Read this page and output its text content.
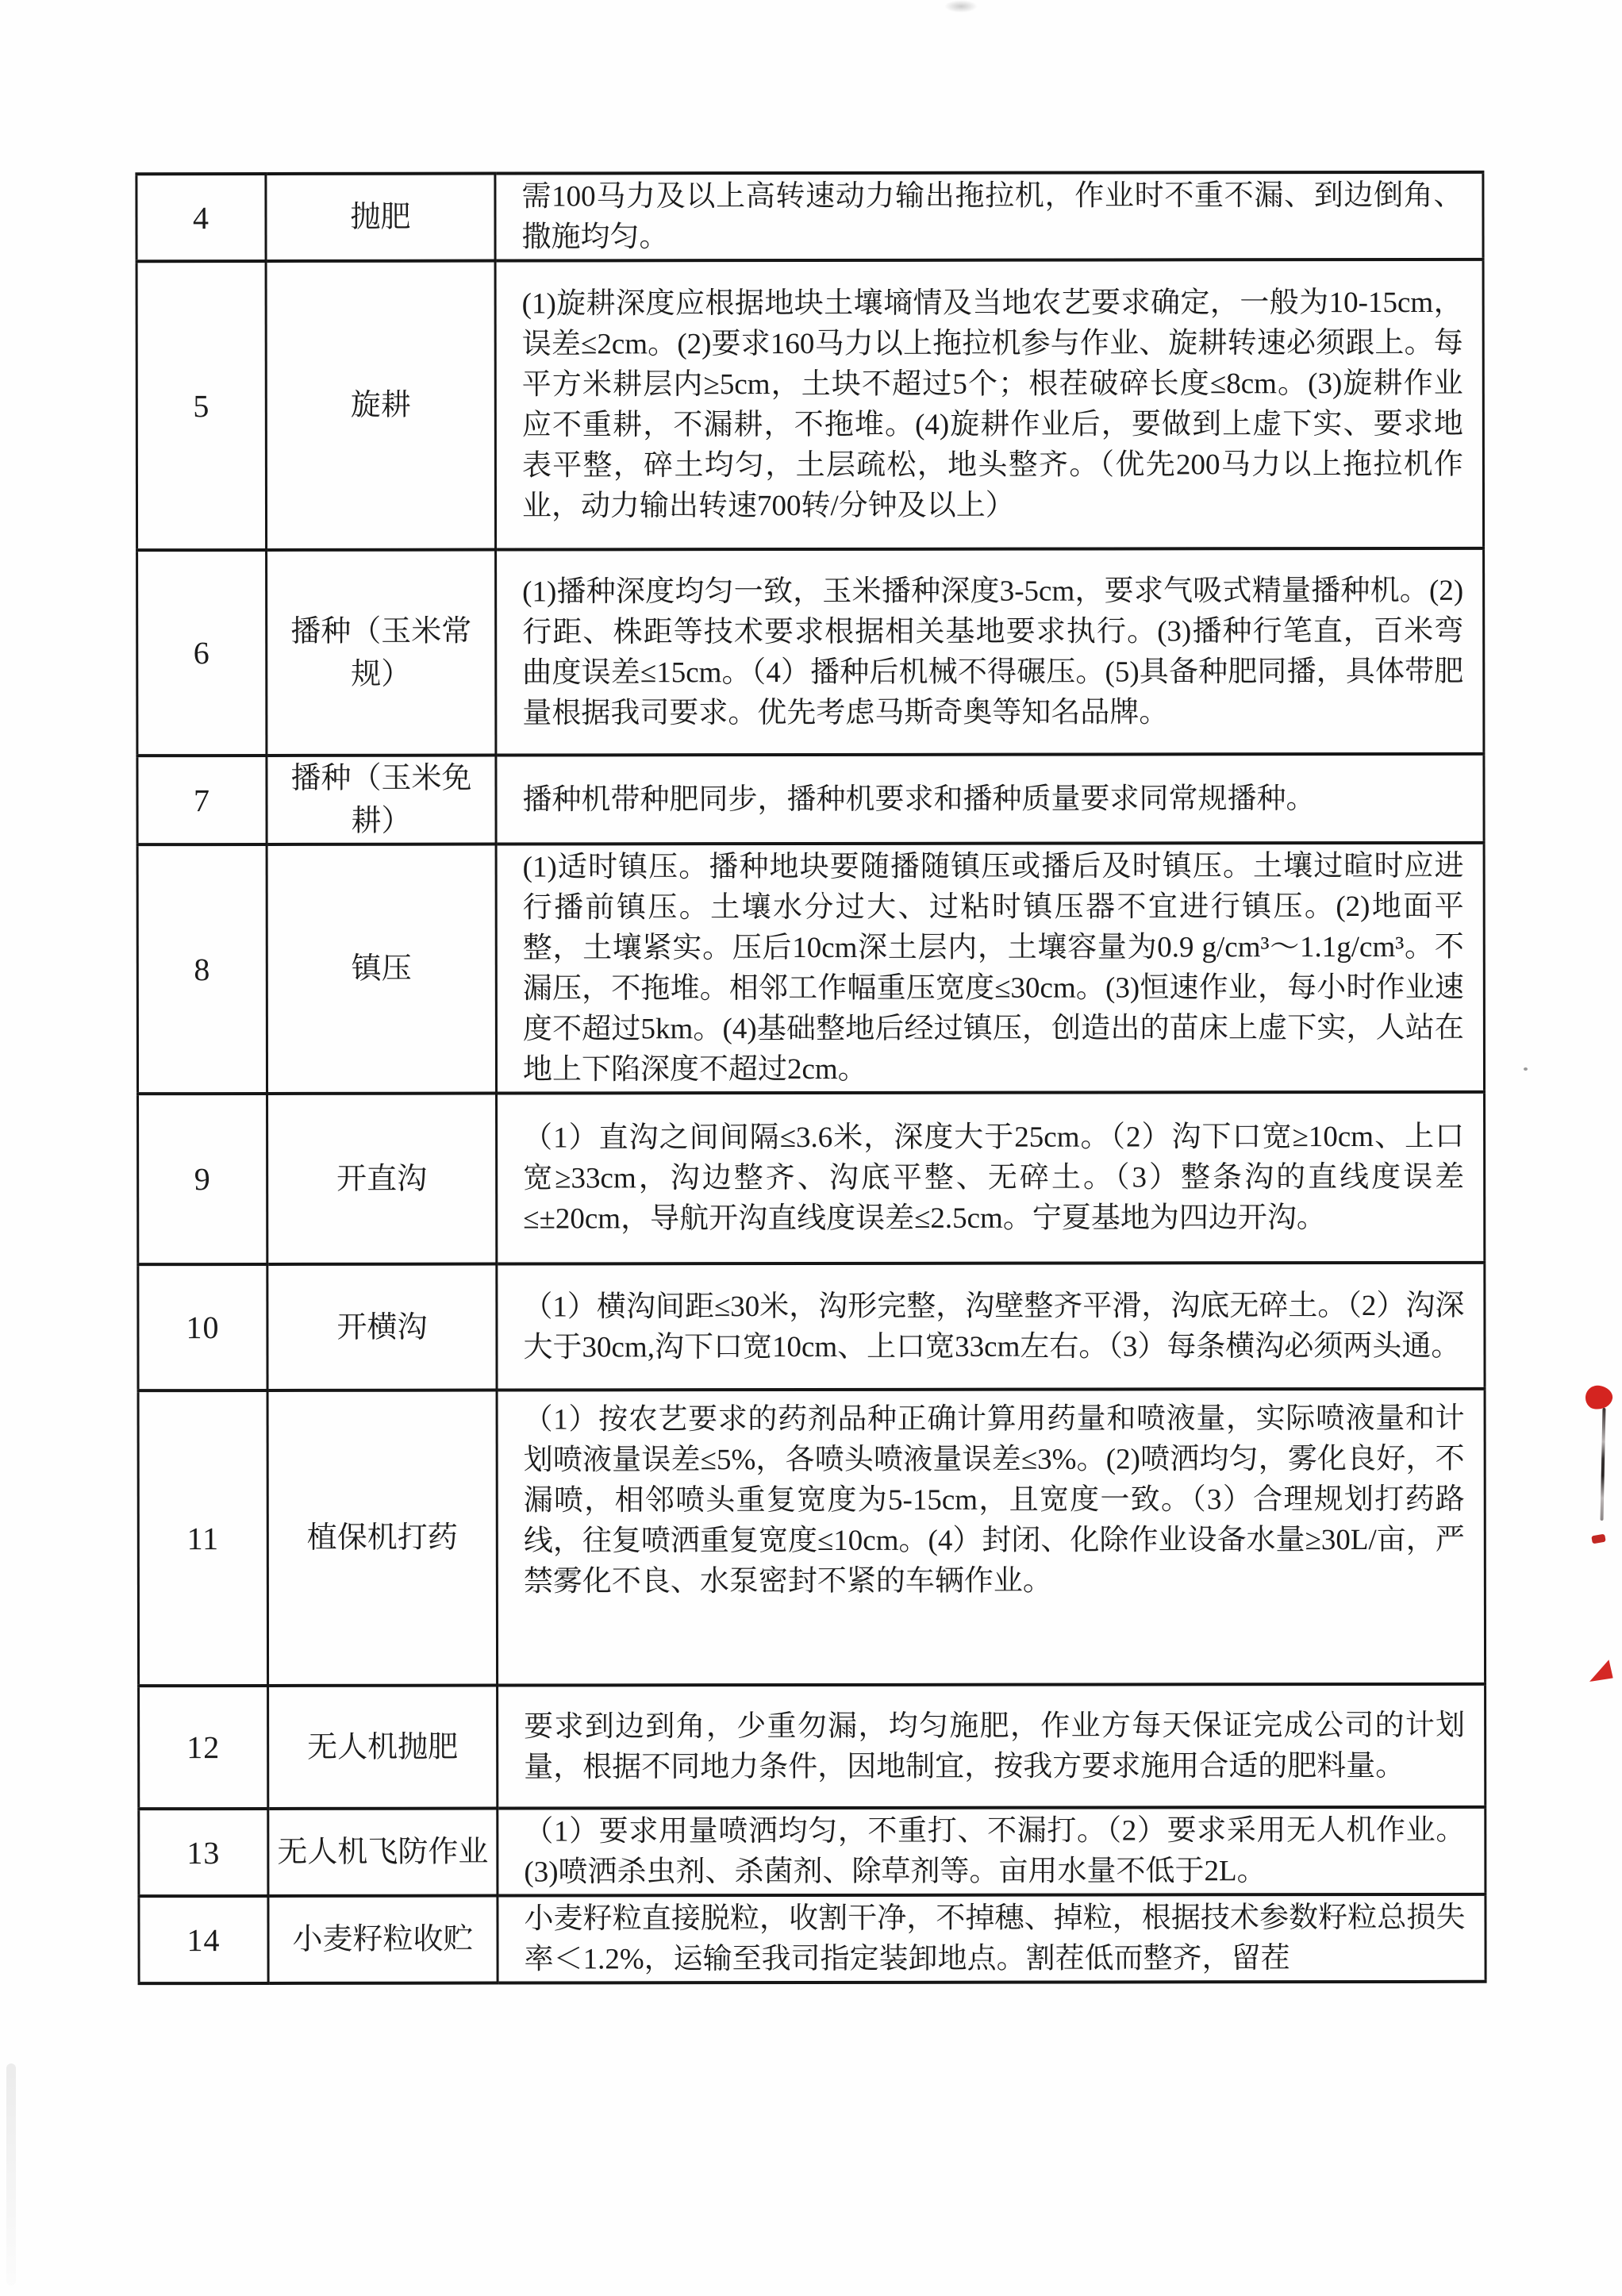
4	抛肥	需100马力及以上高转速动力输出拖拉机，作业时不重不漏、到边倒角、撒施均匀。
5	旋耕	(1)旋耕深度应根据地块土壤墒情及当地农艺要求确定，一般为10-15cm，误差≤2cm。(2)要求160马力以上拖拉机参与作业、旋耕转速必须跟上。每平方米耕层内≥5cm，土块不超过5个；根茬破碎长度≤8cm。(3)旋耕作业应不重耕，不漏耕，不拖堆。(4)旋耕作业后，要做到上虚下实、要求地表平整，碎土均匀，土层疏松，地头整齐。（优先200马力以上拖拉机作业，动力输出转速700转/分钟及以上）
6	播种（玉米常规）	(1)播种深度均匀一致，玉米播种深度3-5cm，要求气吸式精量播种机。(2)行距、株距等技术要求根据相关基地要求执行。(3)播种行笔直，百米弯曲度误差≤15cm。（4）播种后机械不得碾压。(5)具备种肥同播，具体带肥量根据我司要求。优先考虑马斯奇奥等知名品牌。
7	播种（玉米免耕）	播种机带种肥同步，播种机要求和播种质量要求同常规播种。
8	镇压	(1)适时镇压。播种地块要随播随镇压或播后及时镇压。土壤过暄时应进行播前镇压。土壤水分过大、过粘时镇压器不宜进行镇压。(2)地面平整，土壤紧实。压后10cm深土层内，土壤容量为0.9 g/cm³～1.1g/cm³。不漏压，不拖堆。相邻工作幅重压宽度≤30cm。(3)恒速作业，每小时作业速度不超过5km。(4)基础整地后经过镇压，创造出的苗床上虚下实，人站在地上下陷深度不超过2cm。
9	开直沟	（1）直沟之间间隔≤3.6米，深度大于25cm。（2）沟下口宽≥10cm、上口宽≥33cm，沟边整齐、沟底平整、无碎土。（3）整条沟的直线度误差≤±20cm，导航开沟直线度误差≤2.5cm。宁夏基地为四边开沟。
10	开横沟	（1）横沟间距≤30米，沟形完整，沟壁整齐平滑，沟底无碎土。（2）沟深大于30cm,沟下口宽10cm、上口宽33cm左右。（3）每条横沟必须两头通。
11	植保机打药	（1）按农艺要求的药剂品种正确计算用药量和喷液量，实际喷液量和计划喷液量误差≤5%，各喷头喷液量误差≤3%。(2)喷洒均匀，雾化良好，不漏喷，相邻喷头重复宽度为5-15cm，且宽度一致。（3）合理规划打药路线，往复喷洒重复宽度≤10cm。(4）封闭、化除作业设备水量≥30L/亩，严禁雾化不良、水泵密封不紧的车辆作业。
12	无人机抛肥	要求到边到角，少重勿漏，均匀施肥，作业方每天保证完成公司的计划量，根据不同地力条件，因地制宜，按我方要求施用合适的肥料量。
13	无人机飞防作业	（1）要求用量喷洒均匀，不重打、不漏打。（2）要求采用无人机作业。(3)喷洒杀虫剂、杀菌剂、除草剂等。亩用水量不低于2L。
14	小麦籽粒收贮	小麦籽粒直接脱粒，收割干净，不掉穗、掉粒，根据技术参数籽粒总损失率＜1.2%，运输至我司指定装卸地点。割茬低而整齐，留茬
